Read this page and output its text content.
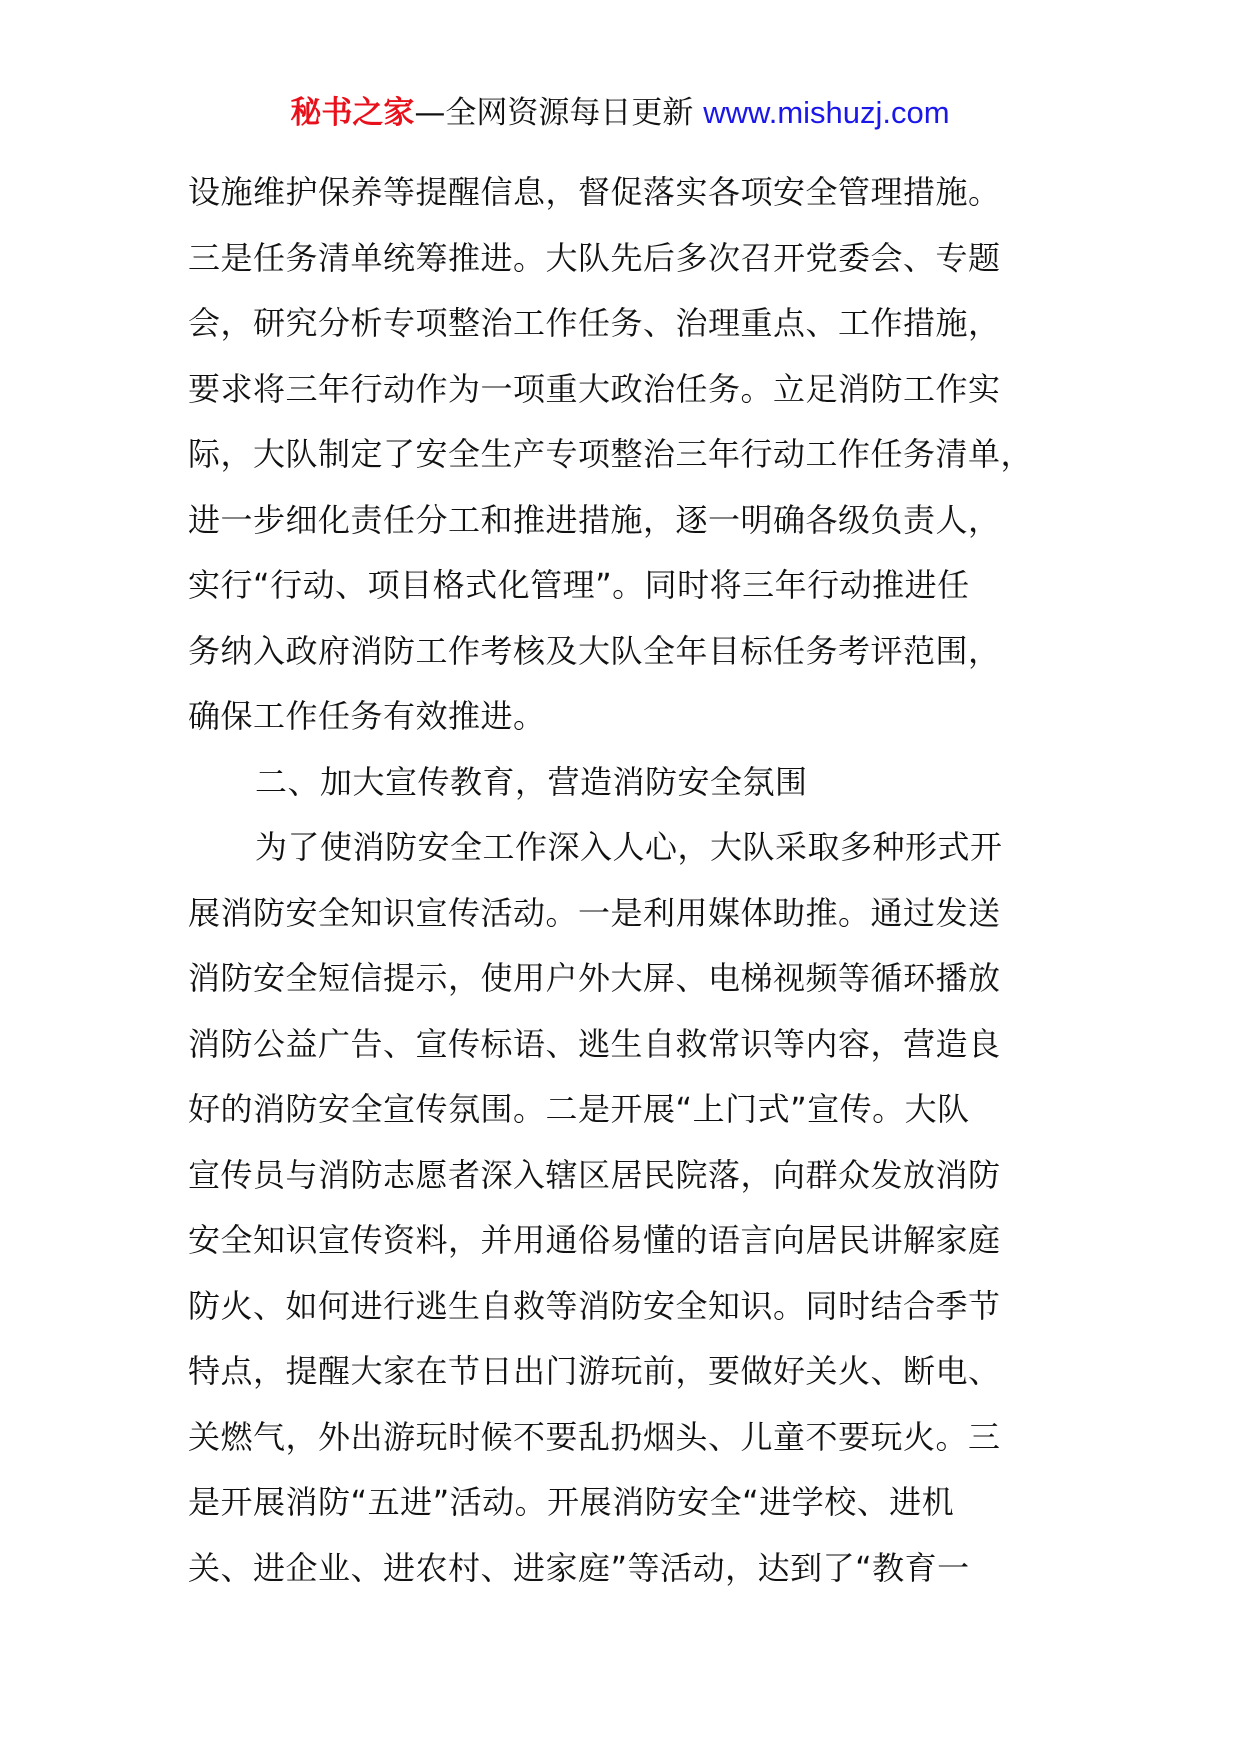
秘书之家—全网资源每日更新 www.mishuzj.com
设施维护保养等提醒信息，督促落实各项安全管理措施。
三是任务清单统筹推进。大队先后多次召开党委会、专题
会，研究分析专项整治工作任务、治理重点、工作措施，
要求将三年行动作为一项重大政治任务。立足消防工作实
际，大队制定了安全生产专项整治三年行动工作任务清单，
进一步细化责任分工和推进措施，逐一明确各级负责人，
实行“行动、项目格式化管理”。同时将三年行动推进任
务纳入政府消防工作考核及大队全年目标任务考评范围，
确保工作任务有效推进。
二、加大宣传教育，营造消防安全氛围
为了使消防安全工作深入人心，大队采取多种形式开
展消防安全知识宣传活动。一是利用媒体助推。通过发送
消防安全短信提示，使用户外大屏、电梯视频等循环播放
消防公益广告、宣传标语、逃生自救常识等内容，营造良
好的消防安全宣传氛围。二是开展“上门式”宣传。大队
宣传员与消防志愿者深入辖区居民院落，向群众发放消防
安全知识宣传资料，并用通俗易懂的语言向居民讲解家庭
防火、如何进行逃生自救等消防安全知识。同时结合季节
特点，提醒大家在节日出门游玩前，要做好关火、断电、
关燃气，外出游玩时候不要乱扔烟头、儿童不要玩火。三
是开展消防“五进”活动。开展消防安全“进学校、进机
关、进企业、进农村、进家庭”等活动，达到了“教育一
